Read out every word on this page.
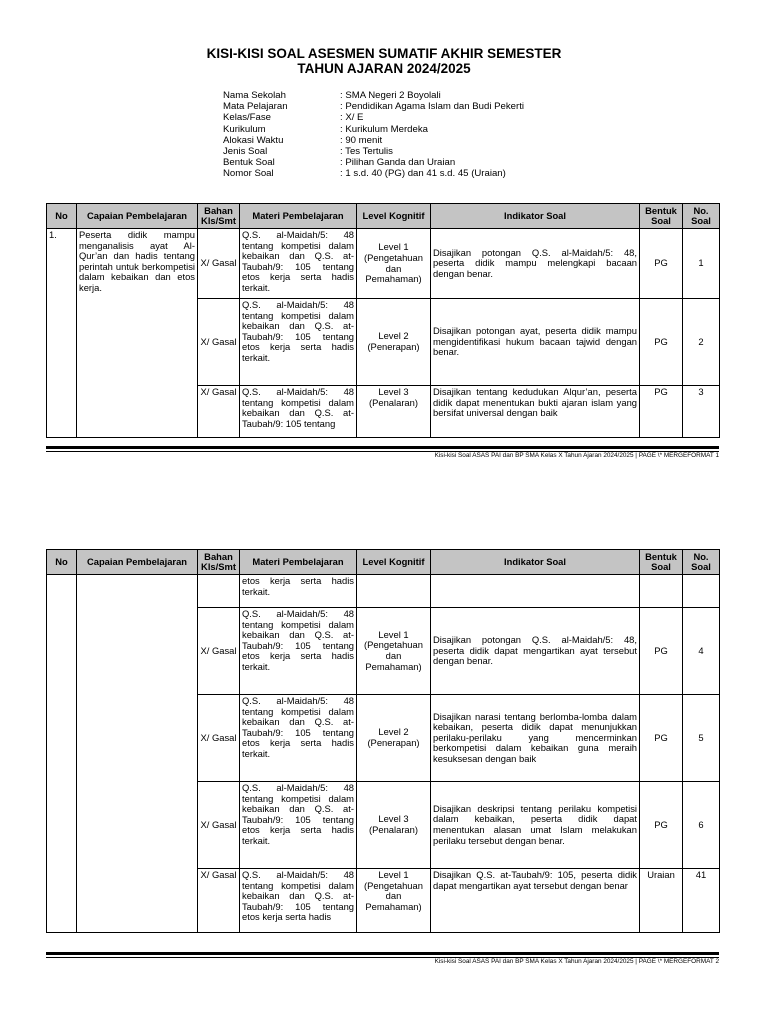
KISI-KISI SOAL ASESMEN SUMATIF AKHIR SEMESTER
TAHUN AJARAN 2024/2025
Nama Sekolah	: SMA Negeri 2 Boyolali
Mata Pelajaran	: Pendidikan Agama Islam dan Budi Pekerti
Kelas/Fase	: X/ E
Kurikulum	: Kurikulum Merdeka
Alokasi Waktu	: 90 menit
Jenis Soal	: Tes Tertulis
Bentuk Soal	: Pilihan Ganda dan Uraian
Nomor Soal	: 1 s.d. 40 (PG) dan 41 s.d. 45 (Uraian)
No	Capaian Pembelajaran	Bahan Kls/Smt	Materi Pembelajaran	Level Kognitif	Indikator Soal	Bentuk Soal	No. Soal
1.	Peserta didik mampu menganalisis ayat Al-Qur’an dan hadis tentang perintah untuk berkompetisi dalam kebaikan dan etos kerja.	X/ Gasal	Q.S. al-Maidah/5: 48 tentang kompetisi dalam kebaikan dan Q.S. at-Taubah/9: 105 tentang etos kerja serta hadis terkait.	Level 1 (Pengetahuan dan Pemahaman)	Disajikan potongan Q.S. al-Maidah/5: 48, peserta didik mampu melengkapi bacaan dengan benar.	PG	1
		X/ Gasal	Q.S. al-Maidah/5: 48 tentang kompetisi dalam kebaikan dan Q.S. at-Taubah/9: 105 tentang etos kerja serta hadis terkait.	Level 2 (Penerapan)	Disajikan potongan ayat, peserta didik mampu mengidentifikasi hukum bacaan tajwid dengan benar.	PG	2
		X/ Gasal	Q.S. al-Maidah/5: 48 tentang kompetisi dalam kebaikan dan Q.S. at-Taubah/9: 105 tentang	Level 3 (Penalaran)	Disajikan tentang kedudukan Alqur’an, peserta didik dapat menentukan bukti ajaran islam yang bersifat universal dengan baik	PG	3
Kisi-kisi Soal ASAS PAI dan BP SMA Kelas X Tahun Ajaran 2024/2025 | PAGE \* MERGEFORMAT 1
No	Capaian Pembelajaran	Bahan Kls/Smt	Materi Pembelajaran	Level Kognitif	Indikator Soal	Bentuk Soal	No. Soal
			etos kerja serta hadis terkait.				
		X/ Gasal	Q.S. al-Maidah/5: 48 tentang kompetisi dalam kebaikan dan Q.S. at-Taubah/9: 105 tentang etos kerja serta hadis terkait.	Level 1 (Pengetahuan dan Pemahaman)	Disajikan potongan Q.S. al-Maidah/5: 48, peserta didik dapat mengartikan ayat tersebut dengan benar.	PG	4
		X/ Gasal	Q.S. al-Maidah/5: 48 tentang kompetisi dalam kebaikan dan Q.S. at-Taubah/9: 105 tentang etos kerja serta hadis terkait.	Level 2 (Penerapan)	Disajikan narasi tentang berlomba-lomba dalam kebaikan, peserta didik dapat menunjukkan perilaku-perilaku yang mencerminkan berkompetisi dalam kebaikan guna meraih kesuksesan dengan baik	PG	5
		X/ Gasal	Q.S. al-Maidah/5: 48 tentang kompetisi dalam kebaikan dan Q.S. at-Taubah/9: 105 tentang etos kerja serta hadis terkait.	Level 3 (Penalaran)	Disajikan deskripsi tentang perilaku kompetisi dalam kebaikan, peserta didik dapat menentukan alasan umat Islam melakukan perilaku tersebut dengan benar.	PG	6
		X/ Gasal	Q.S. al-Maidah/5: 48 tentang kompetisi dalam kebaikan dan Q.S. at-Taubah/9: 105 tentang etos kerja serta hadis	Level 1 (Pengetahuan dan Pemahaman)	Disajikan Q.S. at-Taubah/9: 105, peserta didik dapat mengartikan ayat tersebut dengan benar	Uraian	41
Kisi-kisi Soal ASAS PAI dan BP SMA Kelas X Tahun Ajaran 2024/2025 | PAGE \* MERGEFORMAT 2
